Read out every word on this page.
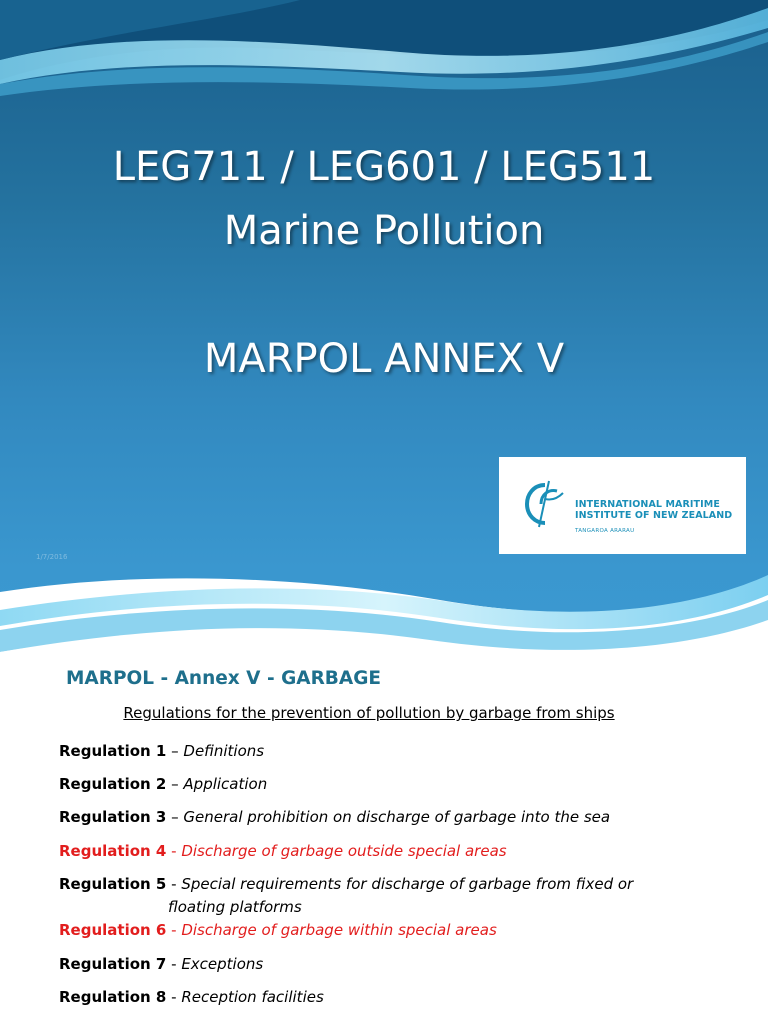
LEG711 / LEG601 / LEG511
Marine Pollution
MARPOL ANNEX V
INTERNATIONAL MARITIME
INSTITUTE OF NEW ZEALAND
TANGAROA ARARAU
1/7/2016
MARPOL - Annex V - GARBAGE
Regulations for the prevention of pollution by garbage from ships
Regulation 1 – Definitions
Regulation 2 – Application
Regulation 3 – General prohibition on discharge of garbage into the sea
Regulation 4 - Discharge of garbage outside special areas
Regulation 5 - Special requirements for discharge of garbage from fixed or
floating platforms
Regulation 6 - Discharge of garbage within special areas
Regulation 7 - Exceptions
Regulation 8 - Reception facilities
